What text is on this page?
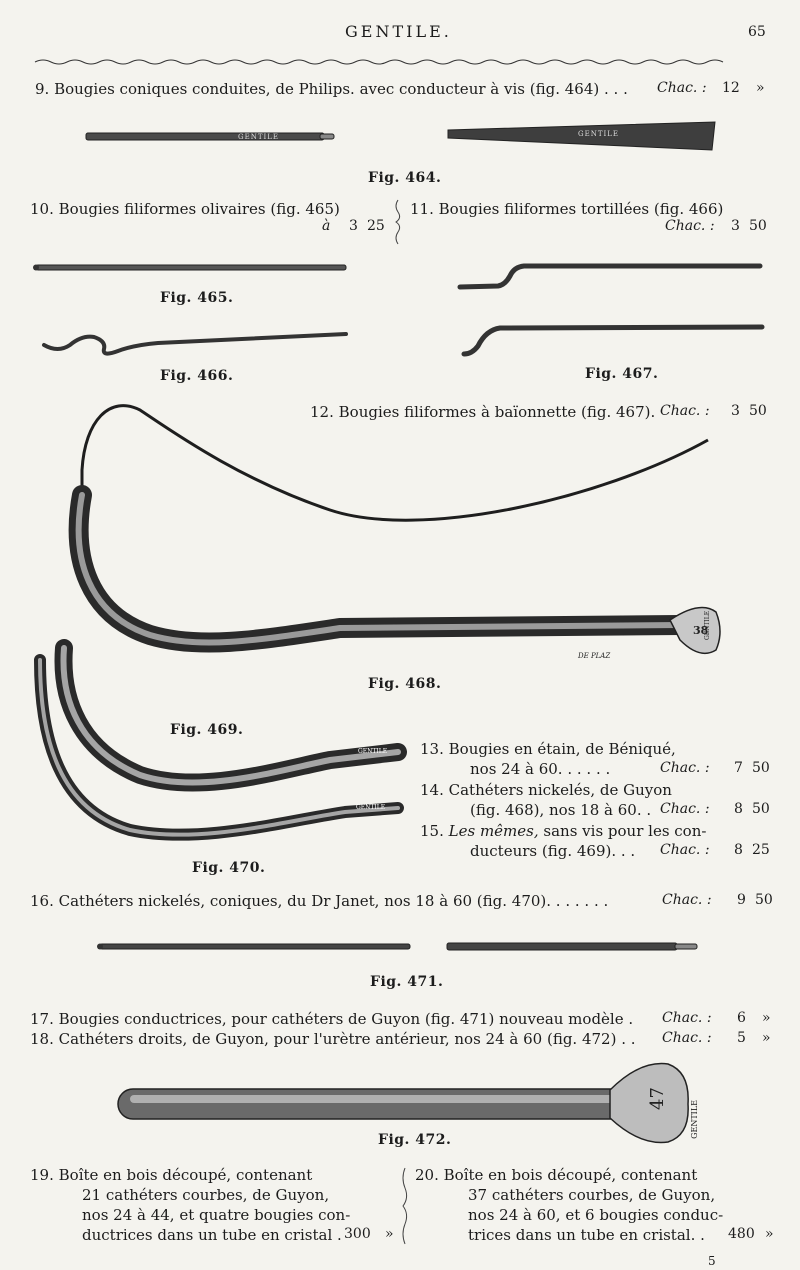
GENTILE.	65
GENTILE	GENTILE
38
GENTILE
DE PLAZ
GENTILE
GENTILE
47
GENTILE
9. Bougies coniques conduites, de Philips. avec conducteur à vis (fig. 464) . . . Chac. : 12 »
Fig. 464.
10. Bougies filiformes olivaires (fig. 465)
à 3 25
11. Bougies filiformes tortillées (fig. 466)
Chac. : 3 50
Fig. 465.
Fig. 466.	Fig. 467.
12. Bougies filiformes à baïonnette (fig. 467). Chac. : 3 50
Fig. 468.
Fig. 469.
13. Bougies en étain, de Béniqué,
nos 24 à 60. . . . . .	Chac. : 7 50
14. Cathéters nickelés, de Guyon
(fig. 468), nos 18 à 60. . Chac. : 8 50
15. Les mêmes, sans vis pour les con-
ducteurs (fig. 469). . . Chac. : 8 25
Fig. 470.
16. Cathéters nickelés, coniques, du Dr Janet, nos 18 à 60 (fig. 470). . . . . . .	Chac. : 9 50
Fig. 471.
17. Bougies conductrices, pour cathéters de Guyon (fig. 471) nouveau modèle . Chac. : 6 »
18. Cathéters droits, de Guyon, pour l'urètre antérieur, nos 24 à 60 (fig. 472) . . Chac. : 5 »
Fig. 472.
19. Boîte en bois découpé, contenant
21 cathéters courbes, de Guyon,
nos 24 à 44, et quatre bougies con-
ductrices dans un tube en cristal . 300 »
20. Boîte en bois découpé, contenant
37 cathéters courbes, de Guyon,
nos 24 à 60, et 6 bougies conduc-
trices dans un tube en cristal. . 480 »
5
